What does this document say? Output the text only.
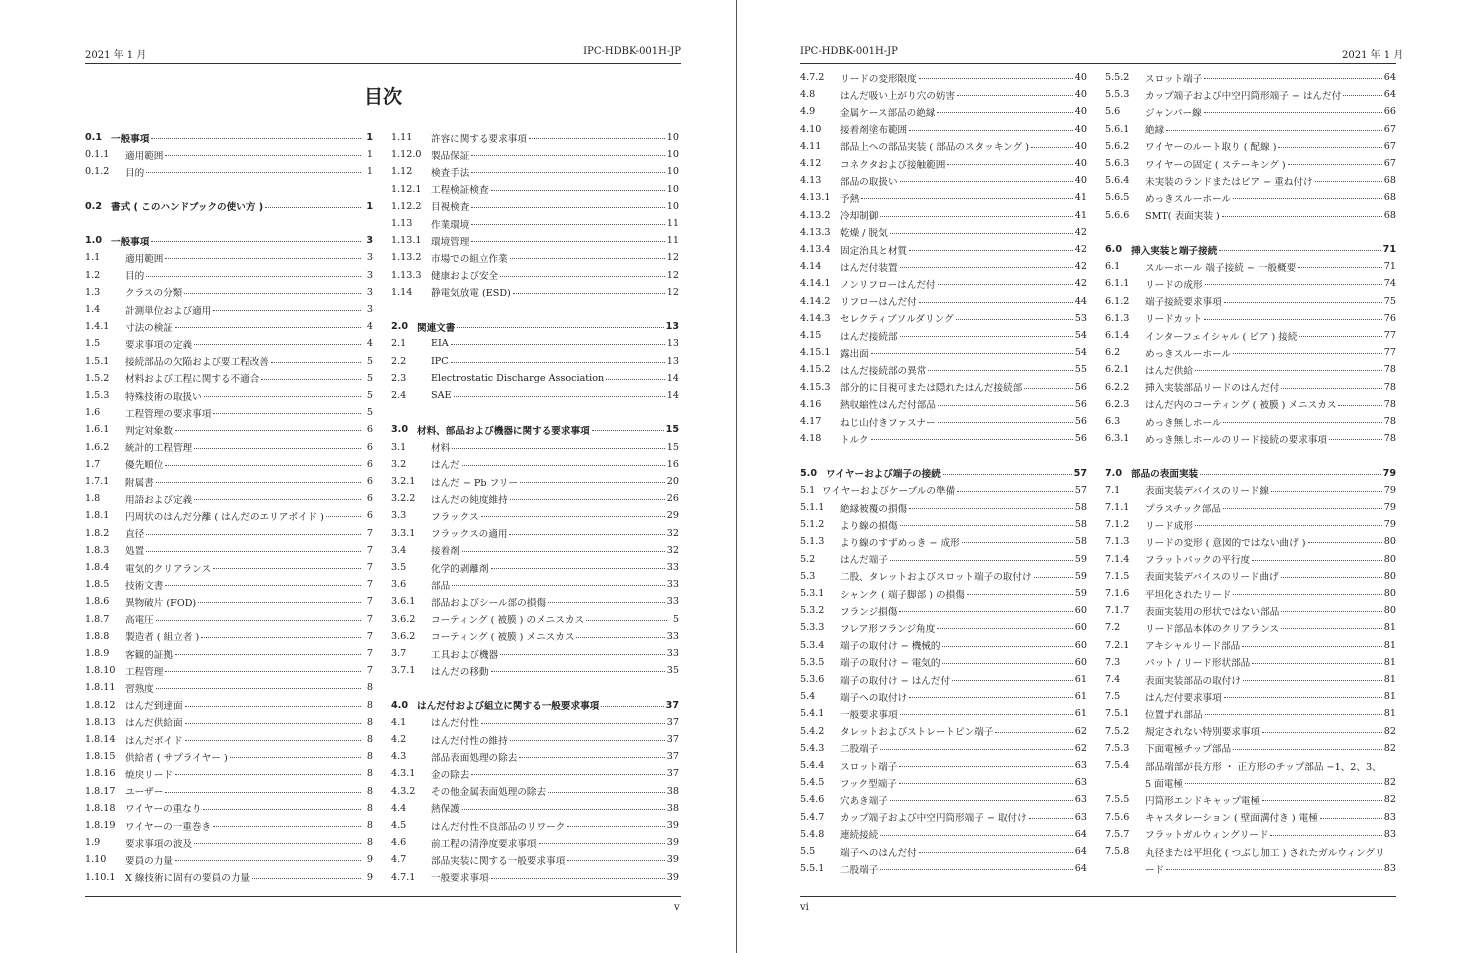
2021 年 1 月	IPC-HDBK-001H-JP
目次
0.1 一般事項	1
0.1.1	適用範囲	1
0.1.2	目的	1
0.2 書式 ( このハンドブックの使い方 )	1
1.0 一般事項	3
1.1	適用範囲	3
1.2	目的	3
1.3	クラスの分類	3
1.4	計測単位および適用	3
1.4.1	寸法の検証	4
1.5	要求事項の定義	4
1.5.1	接続部品の欠陥および要工程改善	5
1.5.2	材料および工程に関する不適合	5
1.5.3	特殊技術の取扱い	5
1.6	工程管理の要求事項	5
1.6.1	判定対象数	6
1.6.2	統計的工程管理	6
1.7	優先順位	6
1.7.1	附属書	6
1.8	用語および定義	6
1.8.1	円周状のはんだ分離 ( はんだのエリアボイド )	6
1.8.2	直径	7
1.8.3	処置	7
1.8.4	電気的クリアランス	7
1.8.5	技術文書	7
1.8.6	異物破片 (FOD)	7
1.8.7	高電圧	7
1.8.8	製造者 ( 組立者 )	7
1.8.9	客観的証拠	7
1.8.10 工程管理	7
1.8.11 習熟度	8
1.8.12 はんだ到達面	8
1.8.13 はんだ供給面	8
1.8.14 はんだボイド	8
1.8.15 供給者 ( サプライヤー )	8
1.8.16 焼戻リード	8
1.8.17 ユーザー	8
1.8.18 ワイヤーの重なり	8
1.8.19 ワイヤーの一重巻き	8
1.9	要求事項の波及	8
1.10	要員の力量	9
1.10.1 X 線技術に固有の要員の力量	9
1.11	許容に関する要求事項	10
1.12.0 製品保証	10
1.12	検査手法	10
1.12.1 工程検証検査	10
1.12.2 目視検査	10
1.13	作業環境	11
1.13.1 環境管理	11
1.13.2 市場での組立作業	12
1.13.3 健康および安全	12
1.14	静電気放電 (ESD)	12
2.0 関連文書	13
2.1	EIA	13
2.2	IPC	13
2.3	Electrostatic Discharge Association	14
2.4	SAE	14
3.0 材料、部品および機器に関する要求事項	15
3.1	材料	15
3.2	はんだ	16
3.2.1	はんだ − Pb フリー	20
3.2.2	はんだの純度維持	26
3.3	フラックス	29
3.3.1	フラックスの適用	32
3.4	接着剤	32
3.5	化学的剥離剤	33
3.6	部品	33
3.6.1	部品およびシール部の損傷	33
3.6.2	コーティング ( 被膜 ) のメニスカス	5
3.6.2	コーティング ( 被膜 ) メニスカス	33
3.7	工具および機器	33
3.7.1	はんだの移動	35
4.0 はんだ付および組立に関する一般要求事項	37
4.1	はんだ付性	37
4.2	はんだ付性の維持	37
4.3	部品表面処理の除去	37
4.3.1	金の除去	37
4.3.2	その他金属表面処理の除去	38
4.4	熱保護	38
4.5	はんだ付性不良部品のリワーク	39
4.6	前工程の清浄度要求事項	39
4.7	部品実装に関する一般要求事項	39
4.7.1	一般要求事項	39
v
IPC-HDBK-001H-JP	2021 年 1 月
4.7.2	リードの変形限度	40
4.8	はんだ吸い上がり穴の妨害	40
4.9	金属ケース部品の絶縁	40
4.10	接着剤塗布範囲	40
4.11	部品上への部品実装 ( 部品のスタッキング )	40
4.12	コネクタおよび接触範囲	40
4.13	部品の取扱い	40
4.13.1 予熱	41
4.13.2 冷却制御	41
4.13.3 乾燥 / 脱気	42
4.13.4 固定治具と材質	42
4.14	はんだ付装置	42
4.14.1 ノンリフローはんだ付	42
4.14.2 リフローはんだ付	44
4.14.3 セレクティブソルダリング	53
4.15	はんだ接続部	54
4.15.1 露出面	54
4.15.2 はんだ接続部の異常	55
4.15.3 部分的に目視可または隠れたはんだ接続部	56
4.16	熱収縮性はんだ付部品	56
4.17	ねじ山付きファスナー	56
4.18	トルク	56
5.0 ワイヤーおよび端子の接続	57
5.1 ワイヤーおよびケーブルの準備	57
5.1.1	絶縁被覆の損傷	58
5.1.2	より線の損傷	58
5.1.3	より線のすずめっき − 成形	58
5.2	はんだ端子	59
5.3	二股、タレットおよびスロット端子の取付け	59
5.3.1	シャンク ( 端子脚部 ) の損傷	59
5.3.2	フランジ損傷	60
5.3.3	フレア形フランジ角度	60
5.3.4	端子の取付け − 機械的	60
5.3.5	端子の取付け − 電気的	60
5.3.6	端子の取付け − はんだ付	61
5.4	端子への取付け	61
5.4.1	一般要求事項	61
5.4.2	タレットおよびストレートピン端子	62
5.4.3	二股端子	62
5.4.4	スロット端子	63
5.4.5	フック型端子	63
5.4.6	穴あき端子	63
5.4.7	カップ端子および中空円筒形端子 − 取付け	63
5.4.8	連続接続	64
5.5	端子へのはんだ付	64
5.5.1	二股端子	64
5.5.2	スロット端子	64
5.5.3	カップ端子および中空円筒形端子 − はんだ付	64
5.6	ジャンパー線	66
5.6.1	絶縁	67
5.6.2	ワイヤーのルート取り ( 配線 )	67
5.6.3	ワイヤーの固定 ( ステーキング )	67
5.6.4	未実装のランドまたはビア − 重ね付け	68
5.6.5	めっきスルーホール	68
5.6.6	SMT( 表面実装 )	68
6.0 挿入実装と端子接続	71
6.1	スルーホール 端子接続 − 一般概要	71
6.1.1	リードの成形	74
6.1.2	端子接続要求事項	75
6.1.3	リードカット	76
6.1.4	インターフェイシャル ( ビア ) 接続	77
6.2	めっきスルーホール	77
6.2.1	はんだ供給	78
6.2.2	挿入実装部品リードのはんだ付	78
6.2.3	はんだ内のコーティング ( 被膜 ) メニスカス	78
6.3	めっき無しホール	78
6.3.1	めっき無しホールのリード接続の要求事項	78
7.0 部品の表面実装	79
7.1	表面実装デバイスのリード線	79
7.1.1	プラスチック部品	79
7.1.2	リード成形	79
7.1.3	リードの変形 ( 意図的ではない曲げ )	80
7.1.4	フラットパックの平行度	80
7.1.5	表面実装デバイスのリード曲げ	80
7.1.6	平坦化されたリード	80
7.1.7	表面実装用の形状ではない部品	80
7.2	リード部品本体のクリアランス	81
7.2.1	アキシャルリード部品	81
7.3	パット / リード形状部品	81
7.4	表面実装部品の取付け	81
7.5	はんだ付要求事項	81
7.5.1	位置ずれ部品	81
7.5.2	規定されない特別要求事項	82
7.5.3	下面電極チップ部品	82
7.5.4	部品端部が長方形 ・ 正方形のチップ部品 −1、2、3、
5 面電極	82
7.5.5	円筒形エンドキャップ電極	82
7.5.6	キャスタレーション ( 壁面溝付き ) 電極	83
7.5.7	フラットガルウィングリード	83
7.5.8	丸径または平坦化 ( つぶし加工 ) されたガルウィングリ
ード	83
vi
